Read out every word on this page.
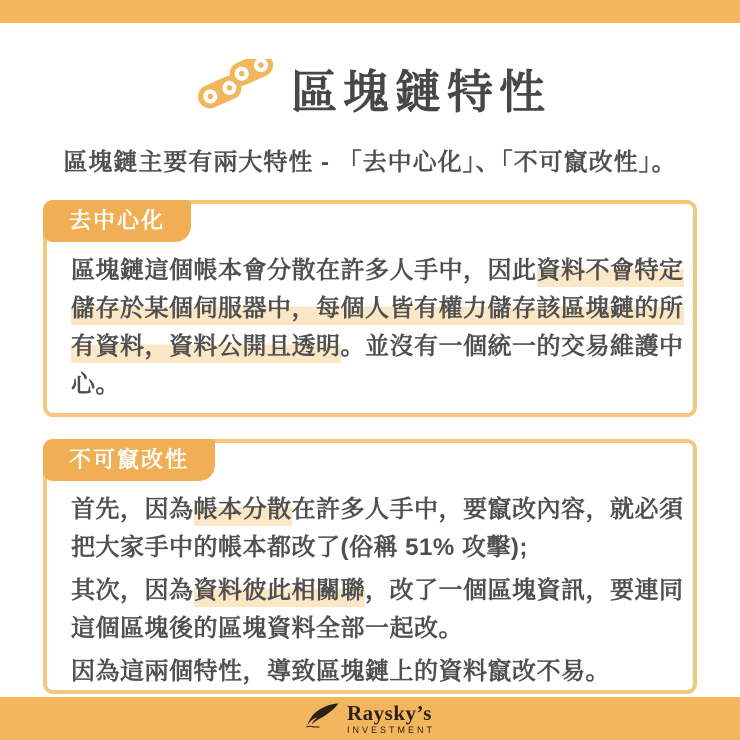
區塊鏈特性

區塊鏈主要有兩大特性 - 「去中心化」、「不可竄改性」。

去中心化
區塊鏈這個帳本會分散在許多人手中，因此資料不會特定
儲存於某個伺服器中，每個人皆有權力儲存該區塊鏈的所
有資料，資料公開且透明。並沒有一個統一的交易維護中
心。
不可竄改性
首先，因為帳本分散在許多人手中，要竄改內容，就必須
把大家手中的帳本都改了(俗稱 51% 攻擊);
其次，因為資料彼此相關聯，改了一個區塊資訊，要連同
這個區塊後的區塊資料全部一起改。
因為這兩個特性，導致區塊鏈上的資料竄改不易。
Raysky’s
INVESTMENT
